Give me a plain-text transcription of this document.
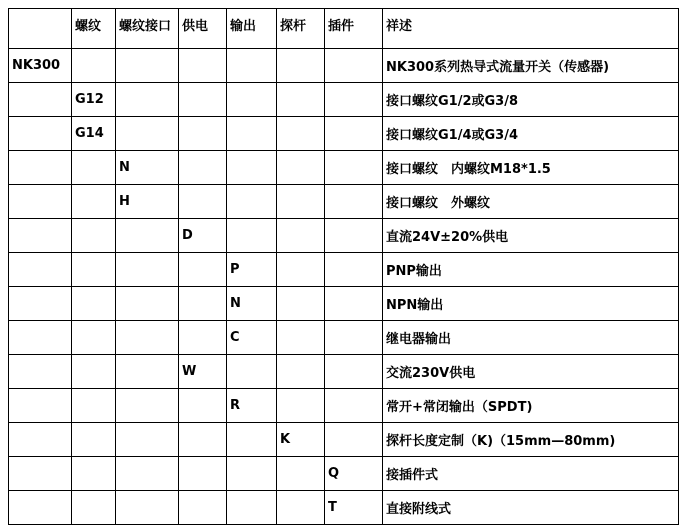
	螺纹	螺纹接口	供电	输出	探杆	插件	祥述
NK300							NK300系列热导式流量开关（传感器)
	G12						接口螺纹G1/2或G3/8
	G14						接口螺纹G1/4或G3/4
		N					接口螺纹　内螺纹M18*1.5
		H					接口螺纹　外螺纹
			D				直流24V±20%供电
				P			PNP输出
				N			NPN输出
				C			继电器输出
			W				交流230V供电
				R			常开+常闭输出（SPDT)
					K		探杆长度定制（K)（15mm—80mm)
						Q	接插件式
						T	直接附线式
